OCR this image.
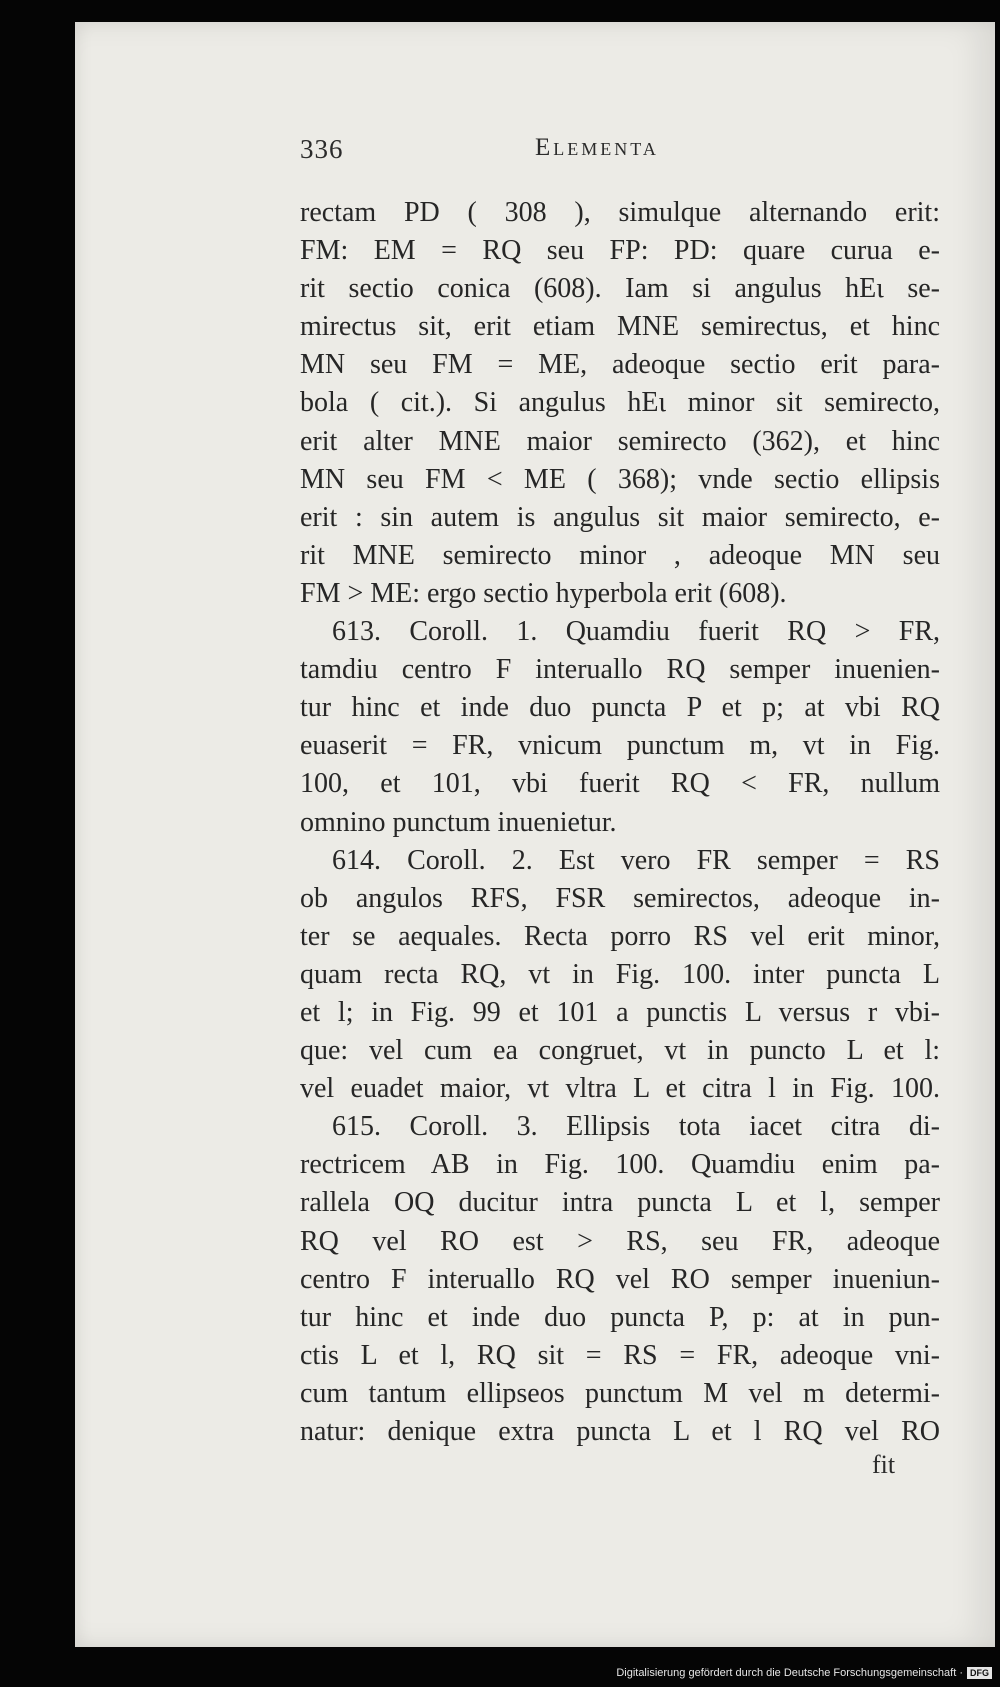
336	Elementa
rectam PD ( 308 ), simulque alternando erit:
FM: EM = RQ seu FP: PD: quare curua e-
rit sectio conica (608). Iam si angulus hEι se-
mirectus sit, erit etiam MNE semirectus, et hinc
MN seu FM = ME, adeoque sectio erit para-
bola ( cit.). Si angulus hEι minor sit semirecto,
erit alter MNE maior semirecto (362), et hinc
MN seu FM < ME ( 368); vnde sectio ellipsis
erit : sin autem is angulus sit maior semirecto, e-
rit MNE semirecto minor , adeoque MN seu
FM > ME: ergo sectio hyperbola erit (608).
613. Coroll. 1. Quamdiu fuerit RQ > FR,
tamdiu centro F interuallo RQ semper inuenien-
tur hinc et inde duo puncta P et p; at vbi RQ
euaserit = FR, vnicum punctum m, vt in Fig.
100, et 101, vbi fuerit RQ < FR, nullum
omnino punctum inuenietur.
614. Coroll. 2. Est vero FR semper = RS
ob angulos RFS, FSR semirectos, adeoque in-
ter se aequales. Recta porro RS vel erit minor,
quam recta RQ, vt in Fig. 100. inter puncta L
et l; in Fig. 99 et 101 a punctis L versus r vbi-
que: vel cum ea congruet, vt in puncto L et l:
vel euadet maior, vt vltra L et citra l in Fig. 100.
615. Coroll. 3. Ellipsis tota iacet citra di-
rectricem AB in Fig. 100. Quamdiu enim pa-
rallela OQ ducitur intra puncta L et l, semper
RQ vel RO est > RS, seu FR, adeoque
centro F interuallo RQ vel RO semper inueniun-
tur hinc et inde duo puncta P, p: at in pun-
ctis L et l, RQ sit = RS = FR, adeoque vni-
cum tantum ellipseos punctum M vel m determi-
natur: denique extra puncta L et l RQ vel RO
fit
Digitalisierung gefördert durch die Deutsche Forschungsgemeinschaft · DFG
